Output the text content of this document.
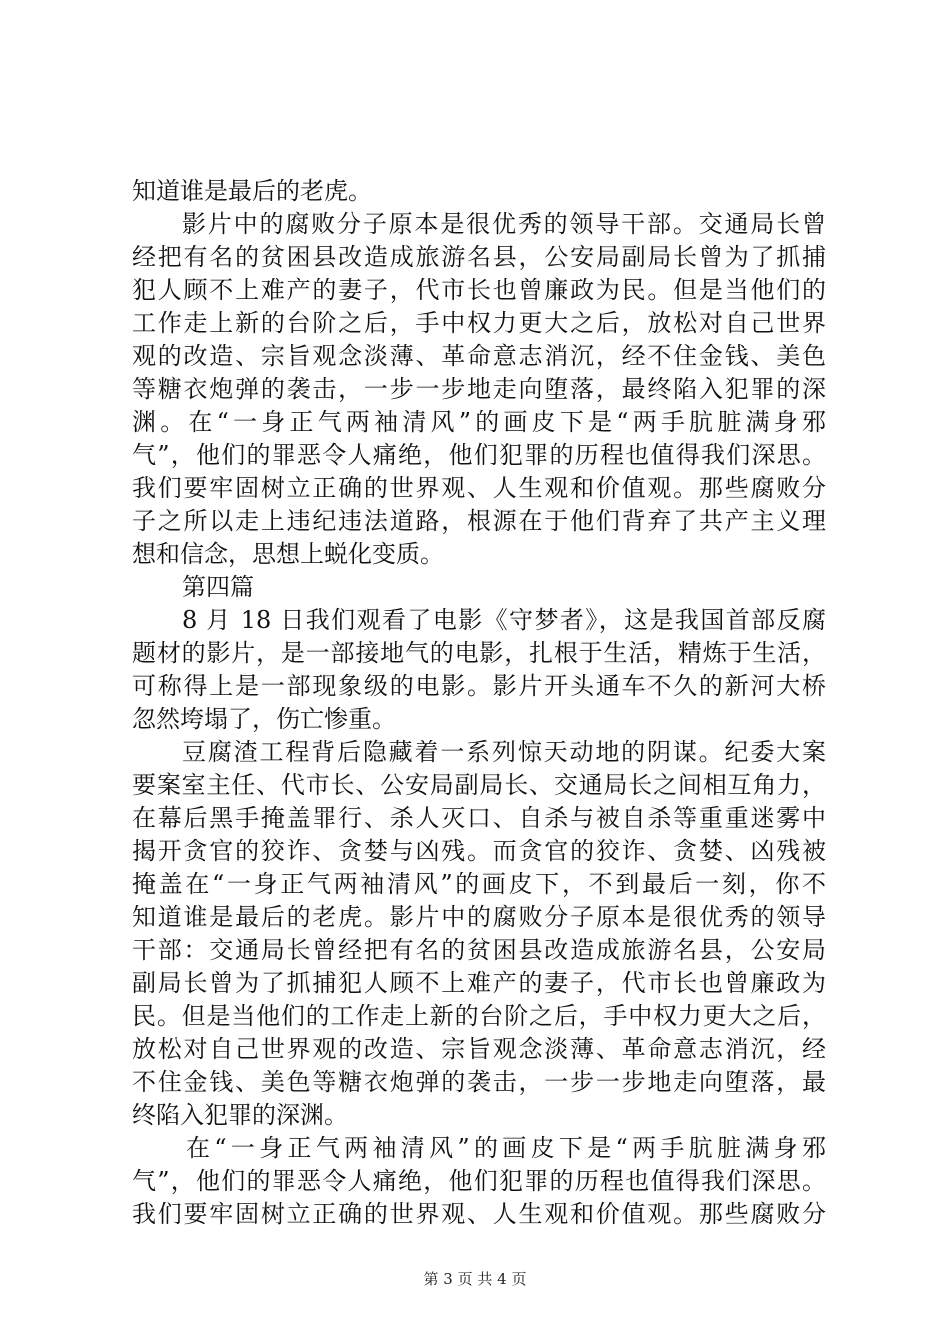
知道谁是最后的老虎。
影片中的腐败分子原本是很优秀的领导干部。交通局长曾
经把有名的贫困县改造成旅游名县，公安局副局长曾为了抓捕
犯人顾不上难产的妻子，代市长也曾廉政为民。但是当他们的
工作走上新的台阶之后，手中权力更大之后，放松对自己世界
观的改造、宗旨观念淡薄、革命意志消沉，经不住金钱、美色
等糖衣炮弹的袭击，一步一步地走向堕落，最终陷入犯罪的深
渊。在“一身正气两袖清风”的画皮下是“两手肮脏满身邪
气”，他们的罪恶令人痛绝，他们犯罪的历程也值得我们深思。
我们要牢固树立正确的世界观、人生观和价值观。那些腐败分
子之所以走上违纪违法道路，根源在于他们背弃了共产主义理
想和信念，思想上蜕化变质。
第四篇
8 月 18 日我们观看了电影《守梦者》，这是我国首部反腐
题材的影片，是一部接地气的电影，扎根于生活，精炼于生活，
可称得上是一部现象级的电影。影片开头通车不久的新河大桥
忽然垮塌了，伤亡惨重。
豆腐渣工程背后隐藏着一系列惊天动地的阴谋。纪委大案
要案室主任、代市长、公安局副局长、交通局长之间相互角力，
在幕后黑手掩盖罪行、杀人灭口、自杀与被自杀等重重迷雾中
揭开贪官的狡诈、贪婪与凶残。而贪官的狡诈、贪婪、凶残被
掩盖在“一身正气两袖清风”的画皮下，不到最后一刻，你不
知道谁是最后的老虎。影片中的腐败分子原本是很优秀的领导
干部：交通局长曾经把有名的贫困县改造成旅游名县，公安局
副局长曾为了抓捕犯人顾不上难产的妻子，代市长也曾廉政为
民。但是当他们的工作走上新的台阶之后，手中权力更大之后，
放松对自己世界观的改造、宗旨观念淡薄、革命意志消沉，经
不住金钱、美色等糖衣炮弹的袭击，一步一步地走向堕落，最
终陷入犯罪的深渊。
在“一身正气两袖清风”的画皮下是“两手肮脏满身邪
气”，他们的罪恶令人痛绝，他们犯罪的历程也值得我们深思。
我们要牢固树立正确的世界观、人生观和价值观。那些腐败分
第 3 页 共 4 页
